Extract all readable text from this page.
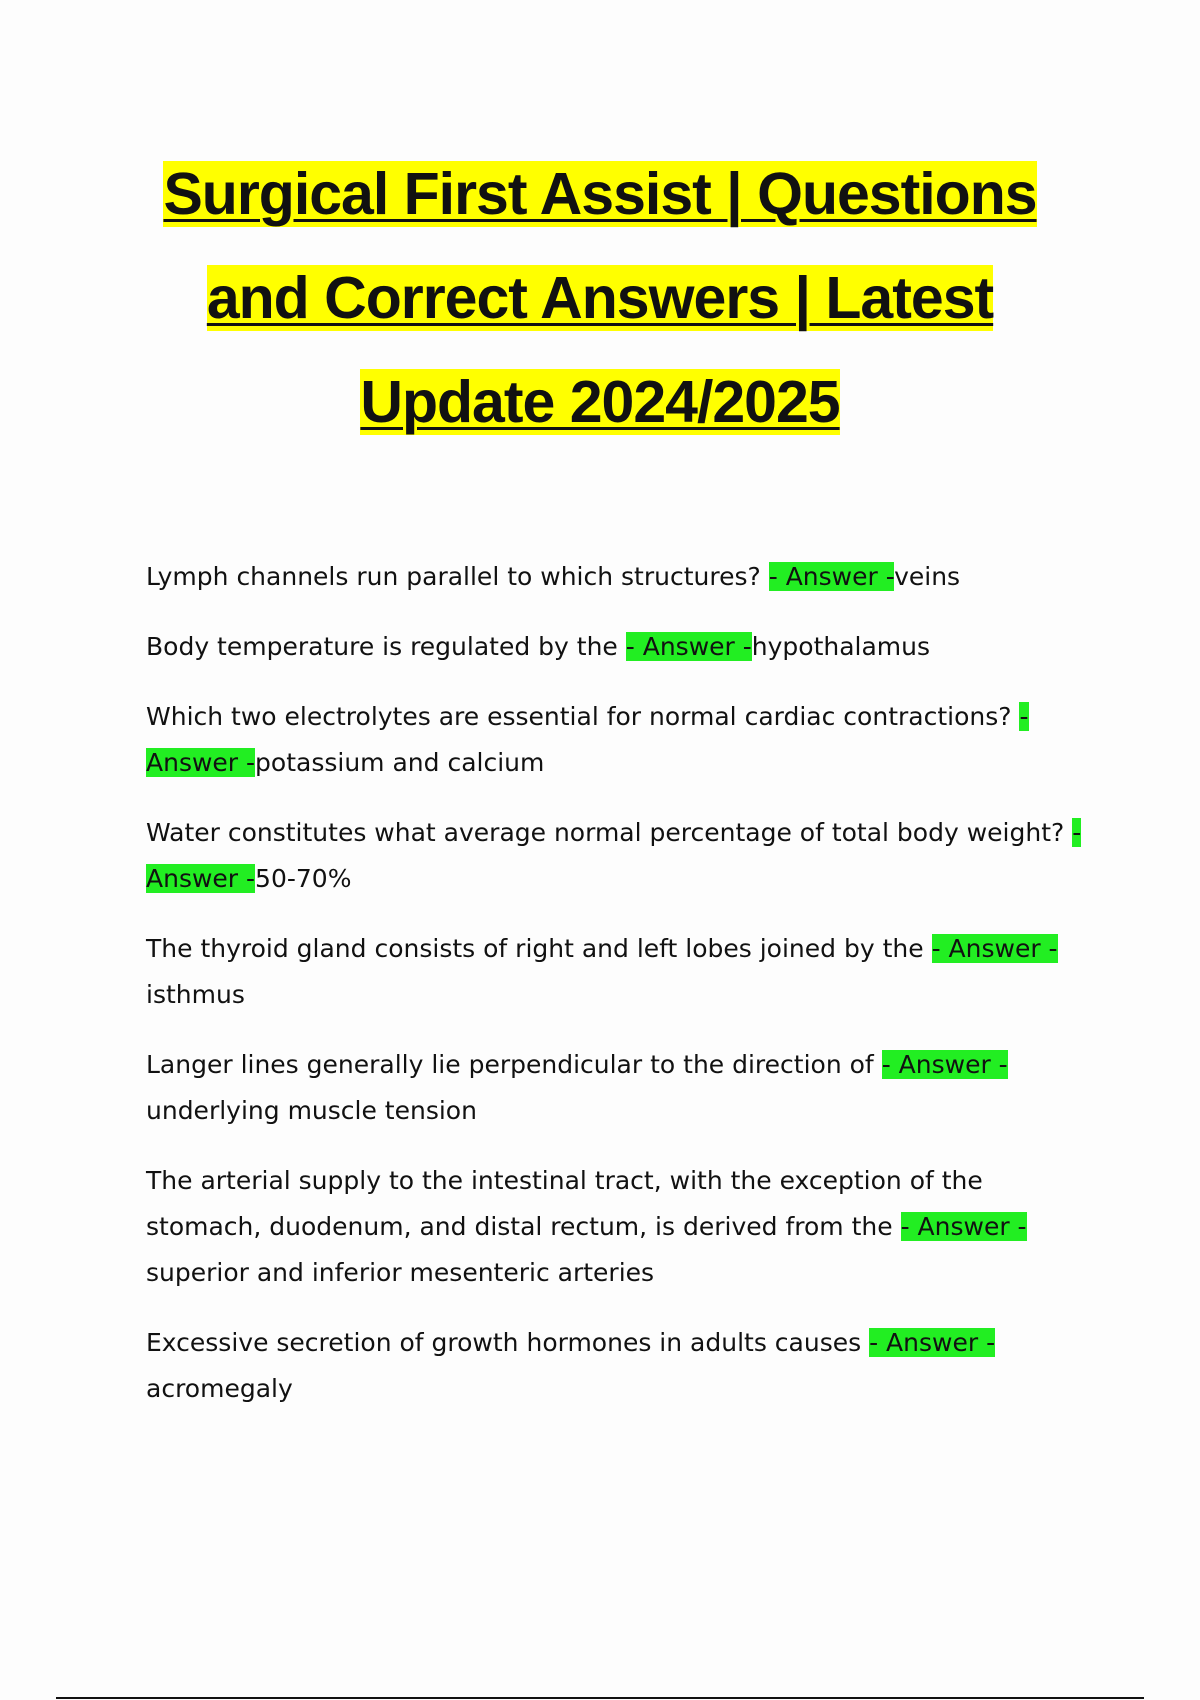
Surgical First Assist | Questions and Correct Answers | Latest Update 2024/2025
Lymph channels run parallel to which structures? - Answer -veins
Body temperature is regulated by the - Answer -hypothalamus
Which two electrolytes are essential for normal cardiac contractions? - Answer -potassium and calcium
Water constitutes what average normal percentage of total body weight? - Answer -50-70%
The thyroid gland consists of right and left lobes joined by the - Answer -isthmus
Langer lines generally lie perpendicular to the direction of - Answer -underlying muscle tension
The arterial supply to the intestinal tract, with the exception of the stomach, duodenum, and distal rectum, is derived from the - Answer -superior and inferior mesenteric arteries
Excessive secretion of growth hormones in adults causes - Answer -acromegaly
